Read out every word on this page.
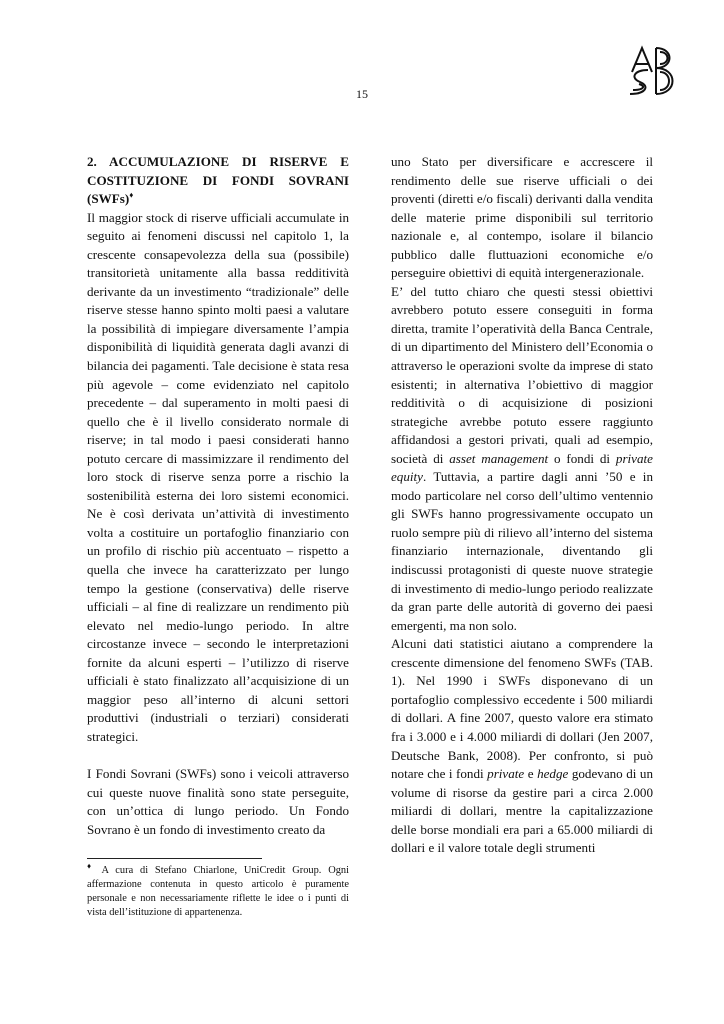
15

2. ACCUMULAZIONE DI RISERVE E COSTITUZIONE DI FONDI SOVRANI (SWFs)♦

Il maggior stock di riserve ufficiali accumulate in seguito ai fenomeni discussi nel capitolo 1, la crescente consapevolezza della sua (possibile) transitorietà unitamente alla bassa redditività derivante da un investimento “tradizionale” delle riserve stesse hanno spinto molti paesi a valutare la possibilità di impiegare diversamente l’ampia disponibilità di liquidità generata dagli avanzi di bilancia dei pagamenti. Tale decisione è stata resa più agevole – come evidenziato nel capitolo precedente – dal superamento in molti paesi di quello che è il livello considerato normale di riserve; in tal modo i paesi considerati hanno potuto cercare di massimizzare il rendimento del loro stock di riserve senza porre a rischio la sostenibilità esterna dei loro sistemi economici. Ne è così derivata un’attività di investimento volta a costituire un portafoglio finanziario con un profilo di rischio più accentuato – rispetto a quella che invece ha caratterizzato per lungo tempo la gestione (conservativa) delle riserve ufficiali – al fine di realizzare un rendimento più elevato nel medio-lungo periodo. In altre circostanze invece – secondo le interpretazioni fornite da alcuni esperti – l’utilizzo di riserve ufficiali è stato finalizzato all’acquisizione di un maggior peso all’interno di alcuni settori produttivi (industriali o terziari) considerati strategici.

I Fondi Sovrani (SWFs) sono i veicoli attraverso cui queste nuove finalità sono state perseguite, con un’ottica di lungo periodo. Un Fondo Sovrano è un fondo di investimento creato da

♦ A cura di Stefano Chiarlone, UniCredit Group. Ogni affermazione contenuta in questo articolo è puramente personale e non necessariamente riflette le idee o i punti di vista dell’istituzione di appartenenza.

uno Stato per diversificare e accrescere il rendimento delle sue riserve ufficiali o dei proventi (diretti e/o fiscali) derivanti dalla vendita delle materie prime disponibili sul territorio nazionale e, al contempo, isolare il bilancio pubblico dalle fluttuazioni economiche e/o perseguire obiettivi di equità intergenerazionale.

E’ del tutto chiaro che questi stessi obiettivi avrebbero potuto essere conseguiti in forma diretta, tramite l’operatività della Banca Centrale, di un dipartimento del Ministero dell’Economia o attraverso le operazioni svolte da imprese di stato esistenti; in alternativa l’obiettivo di maggior redditività o di acquisizione di posizioni strategiche avrebbe potuto essere raggiunto affidandosi a gestori privati, quali ad esempio, società di asset management o fondi di private equity. Tuttavia, a partire dagli anni ’50 e in modo particolare nel corso dell’ultimo ventennio gli SWFs hanno progressivamente occupato un ruolo sempre più di rilievo all’interno del sistema finanziario internazionale, diventando gli indiscussi protagonisti di queste nuove strategie di investimento di medio-lungo periodo realizzate da gran parte delle autorità di governo dei paesi emergenti, ma non solo.

Alcuni dati statistici aiutano a comprendere la crescente dimensione del fenomeno SWFs (TAB. 1). Nel 1990 i SWFs disponevano di un portafoglio complessivo eccedente i 500 miliardi di dollari. A fine 2007, questo valore era stimato fra i 3.000 e i 4.000 miliardi di dollari (Jen 2007, Deutsche Bank, 2008). Per confronto, si può notare che i fondi private e hedge godevano di un volume di risorse da gestire pari a circa 2.000 miliardi di dollari, mentre la capitalizzazione delle borse mondiali era pari a 65.000 miliardi di dollari e il valore totale degli strumenti
